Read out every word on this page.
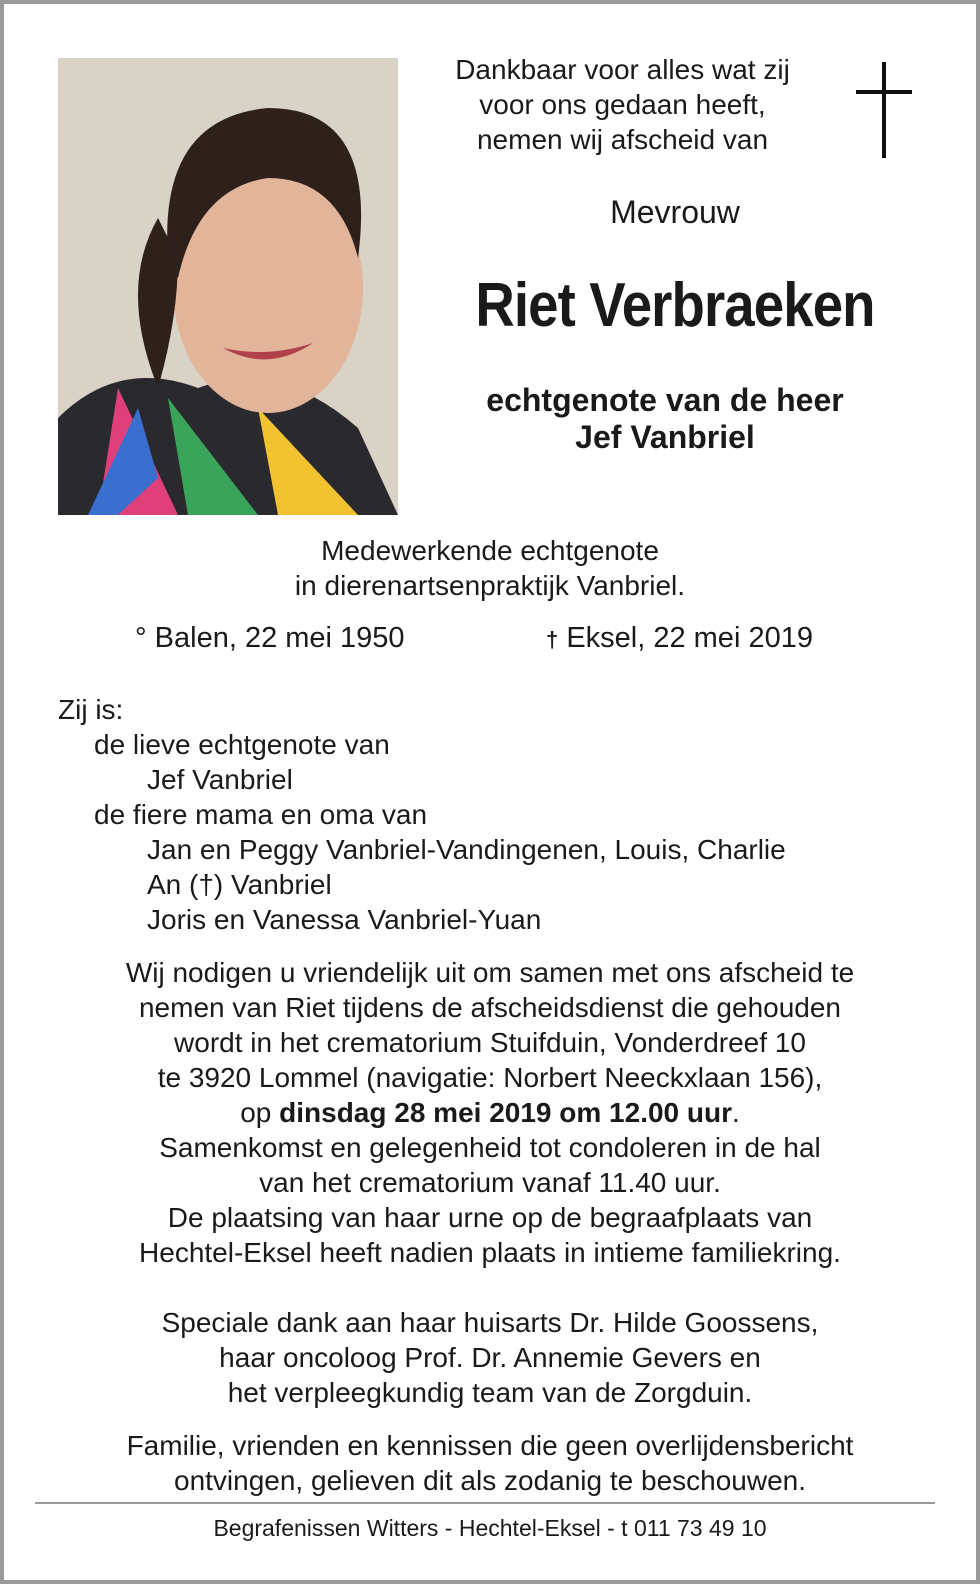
Dankbaar voor alles wat zij
voor ons gedaan heeft,
nemen wij afscheid van
Mevrouw
Riet Verbraeken
echtgenote van de heer
Jef Vanbriel
Medewerkende echtgenote
in dierenartsenpraktijk Vanbriel.
° Balen, 22 mei 1950	† Eksel, 22 mei 2019
Zij is:
de lieve echtgenote van
Jef Vanbriel
de fiere mama en oma van
Jan en Peggy Vanbriel-Vandingenen, Louis, Charlie
An (†) Vanbriel
Joris en Vanessa Vanbriel-Yuan
Wij nodigen u vriendelijk uit om samen met ons afscheid te
nemen van Riet tijdens de afscheidsdienst die gehouden
wordt in het crematorium Stuifduin, Vonderdreef 10
te 3920 Lommel (navigatie: Norbert Neeckxlaan 156),
op dinsdag 28 mei 2019 om 12.00 uur.
Samenkomst en gelegenheid tot condoleren in de hal
van het crematorium vanaf 11.40 uur.
De plaatsing van haar urne op de begraafplaats van
Hechtel-Eksel heeft nadien plaats in intieme familiekring.
Speciale dank aan haar huisarts Dr. Hilde Goossens,
haar oncoloog Prof. Dr. Annemie Gevers en
het verpleegkundig team van de Zorgduin.
Familie, vrienden en kennissen die geen overlijdensbericht
ontvingen, gelieven dit als zodanig te beschouwen.
Begrafenissen Witters - Hechtel-Eksel - t 011 73 49 10
